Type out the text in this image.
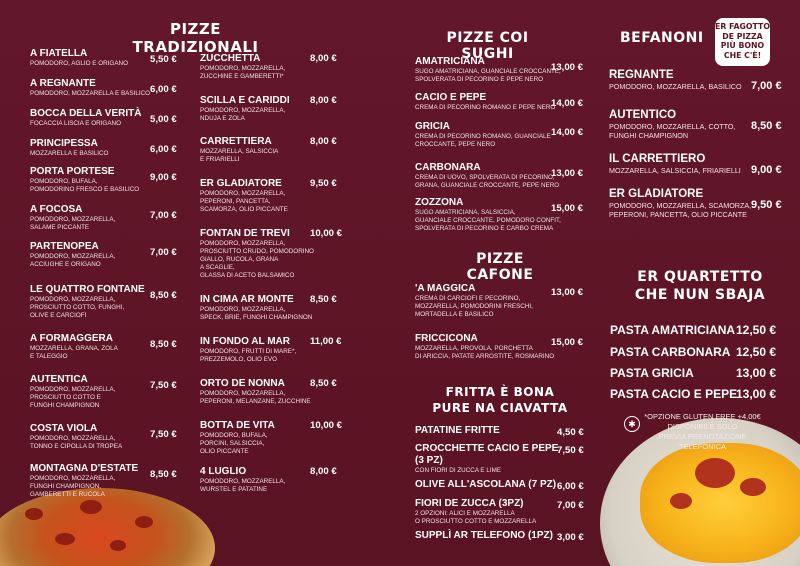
PIZZE TRADIZIONALI	PIZZE COI SUGHI
BEFANONI
PIZZE CAFONE
FRITTA È BONA
PURE NA CIAVATTA
ER QUARTETTO
CHE NUN SBAJA
ER FAGOTTO
DE PIZZA
PIÙ BONO
CHE C'È!
A FIATELLA
POMODORO, AGLIO E ORIGANO 5,50 €
A REGNANTE
POMODORO, MOZZARELLA E BASILICO 6,00 €
BOCCA DELLA VERITÀ
FOCACCIA LISCIA E ORIGANO	5,00 €
PRINCIPESSA
MOZZARELLA E BASILICO	6,00 €
PORTA PORTESE
POMODORO, BUFALA,
POMODORINO FRESCO E BASILICO
9,00 €
A FOCOSA
POMODORO, MOZZARELLA,
SALAME PICCANTE
7,00 €
PARTENOPEA
POMODORO, MOZZARELLA,
ACCIUGHE E ORIGANO
7,00 €
LE QUATTRO FONTANE
POMODORO, MOZZARELLA,
PROSCIUTTO COTTO, FUNGHI,
OLIVE E CARCIOFI
8,50 €
A FORMAGGERA
MOZZARELLA, GRANA, ZOLA
E TALEGGIO
8,50 €
AUTENTICA
POMODORO, MOZZARELLA,
PROSCIUTTO COTTO E
FUNGHI CHAMPIGNON
7,50 €
COSTA VIOLA
POMODORO, MOZZARELLA,
TONNO E CIPOLLA DI TROPEA
7,50 €
MONTAGNA D'ESTATE
POMODORO, MOZZARELLA,
FUNGHI CHAMPIGNON,
GAMBERETTI E RUCOLA
8,50 €
ZUCCHETTA
POMODORO, MOZZARELLA,
ZUCCHINE E GAMBERETTI*
8,00 €
SCILLA E CARIDDI
POMODORO, MOZZARELLA,
NDUJA E ZOLA
8,00 €
CARRETTIERA
MOZZARELLA, SALSICCIA
E FRIARIELLI
8,00 €
ER GLADIATORE
POMODORO, MOZZARELLA,
PEPERONI, PANCETTA,
SCAMORZA, OLIO PICCANTE
9,50 €
FONTAN DE TREVI
POMODORO, MOZZARELLA,
PROSCIUTTO CRUDO, POMODORINO
GIALLO, RUCOLA, GRANA
A SCAGLIE,
GLASSA DI ACETO BALSAMICO
10,00 €
IN CIMA AR MONTE
POMODORO, MOZZARELLA,
SPECK, BRIE, FUNGHI CHAMPIGNON
8,50 €
IN FONDO AL MAR
POMODORO, FRUTTI DI MARE*,
PREZZEMOLO, OLIO EVO
11,00 €
ORTO DE NONNA
POMODORO, MOZZARELLA,
PEPERONI, MELANZANE, ZUCCHINE
8,50 €
BOTTA DE VITA
POMODORO, BUFALA,
PORCINI, SALSICCIA,
OLIO PICCANTE
10,00 €
4 LUGLIO
POMODORO, MOZZARELLA,
WURSTEL E PATATINE
8,00 €
AMATRICIANA
SUGO AMATRICIANA, GUANCIALE CROCCANTE,
SPOLVERATA DI PECORINO E PEPE NERO
13,00 €
CACIO E PEPE
CREMA DI PECORINO ROMANO E PEPE NERO
14,00 €
GRICIA
CREMA DI PECORINO ROMANO, GUANCIALE
CROCCANTE, PEPE NERO
14,00 €
CARBONARA
CREMA DI UOVO, SPOLVERATA DI PECORINO,
GRANA, GUANCIALE CROCCANTE, PEPE NERO
13,00 €
ZOZZONA
SUGO AMATRICIANA, SALSICCIA,
GUANCIALE CROCCANTE, POMODORO CONFIT,
SPOLVERATA DI PECORINO E CARBO CREMA
15,00 €
'A MAGGICA
CREMA DI CARCIOFI E PECORINO,
MOZZARELLA, POMODORINI FRESCHI,
MORTADELLA E BASILICO
13,00 €
FRICCICONA
MOZZARELLA, PROVOLA, PORCHETTA
DI ARICCIA, PATATE ARROSTITE, ROSMARINO
15,00 €
PATATINE FRITTE	4,50 €
CROCCHETTE CACIO E PEPE
(3 PZ)
CON FIORI DI ZUCCA E LIME
7,50 €
OLIVE ALL'ASCOLANA (7 PZ) 6,00 €
FIORI DE ZUCCA (3PZ)
2 OPZIONI: ALICI E MOZZARELLA
O PROSCIUTTO COTTO E MOZZARELLA
7,00 €
SUPPLÌ AR TELEFONO (1PZ) 3,00 €
REGNANTE
POMODORO, MOZZARELLA, BASILICO 7,00 €
AUTENTICO
POMODORO, MOZZARELLA, COTTO,
FUNGHI CHAMPIGNON
8,50 €
IL CARRETTIERO
MOZZARELLA, SALSICCIA, FRIARIELLI 9,00 €
ER GLADIATORE
POMODORO, MOZZARELLA, SCAMORZA,
PEPERONI, PANCETTA, OLIO PICCANTE
9,50 €
PASTA AMATRICIANA 12,50 €
PASTA CARBONARA 12,50 €
PASTA GRICIA	13,00 €
PASTA CACIO E PEPE
13,00 €
✱
*OPZIONE GLUTEN FREE +4,00€
DISPONIBILE SOLO
PREVIA PRENOTAZIONE TELEFONICA
